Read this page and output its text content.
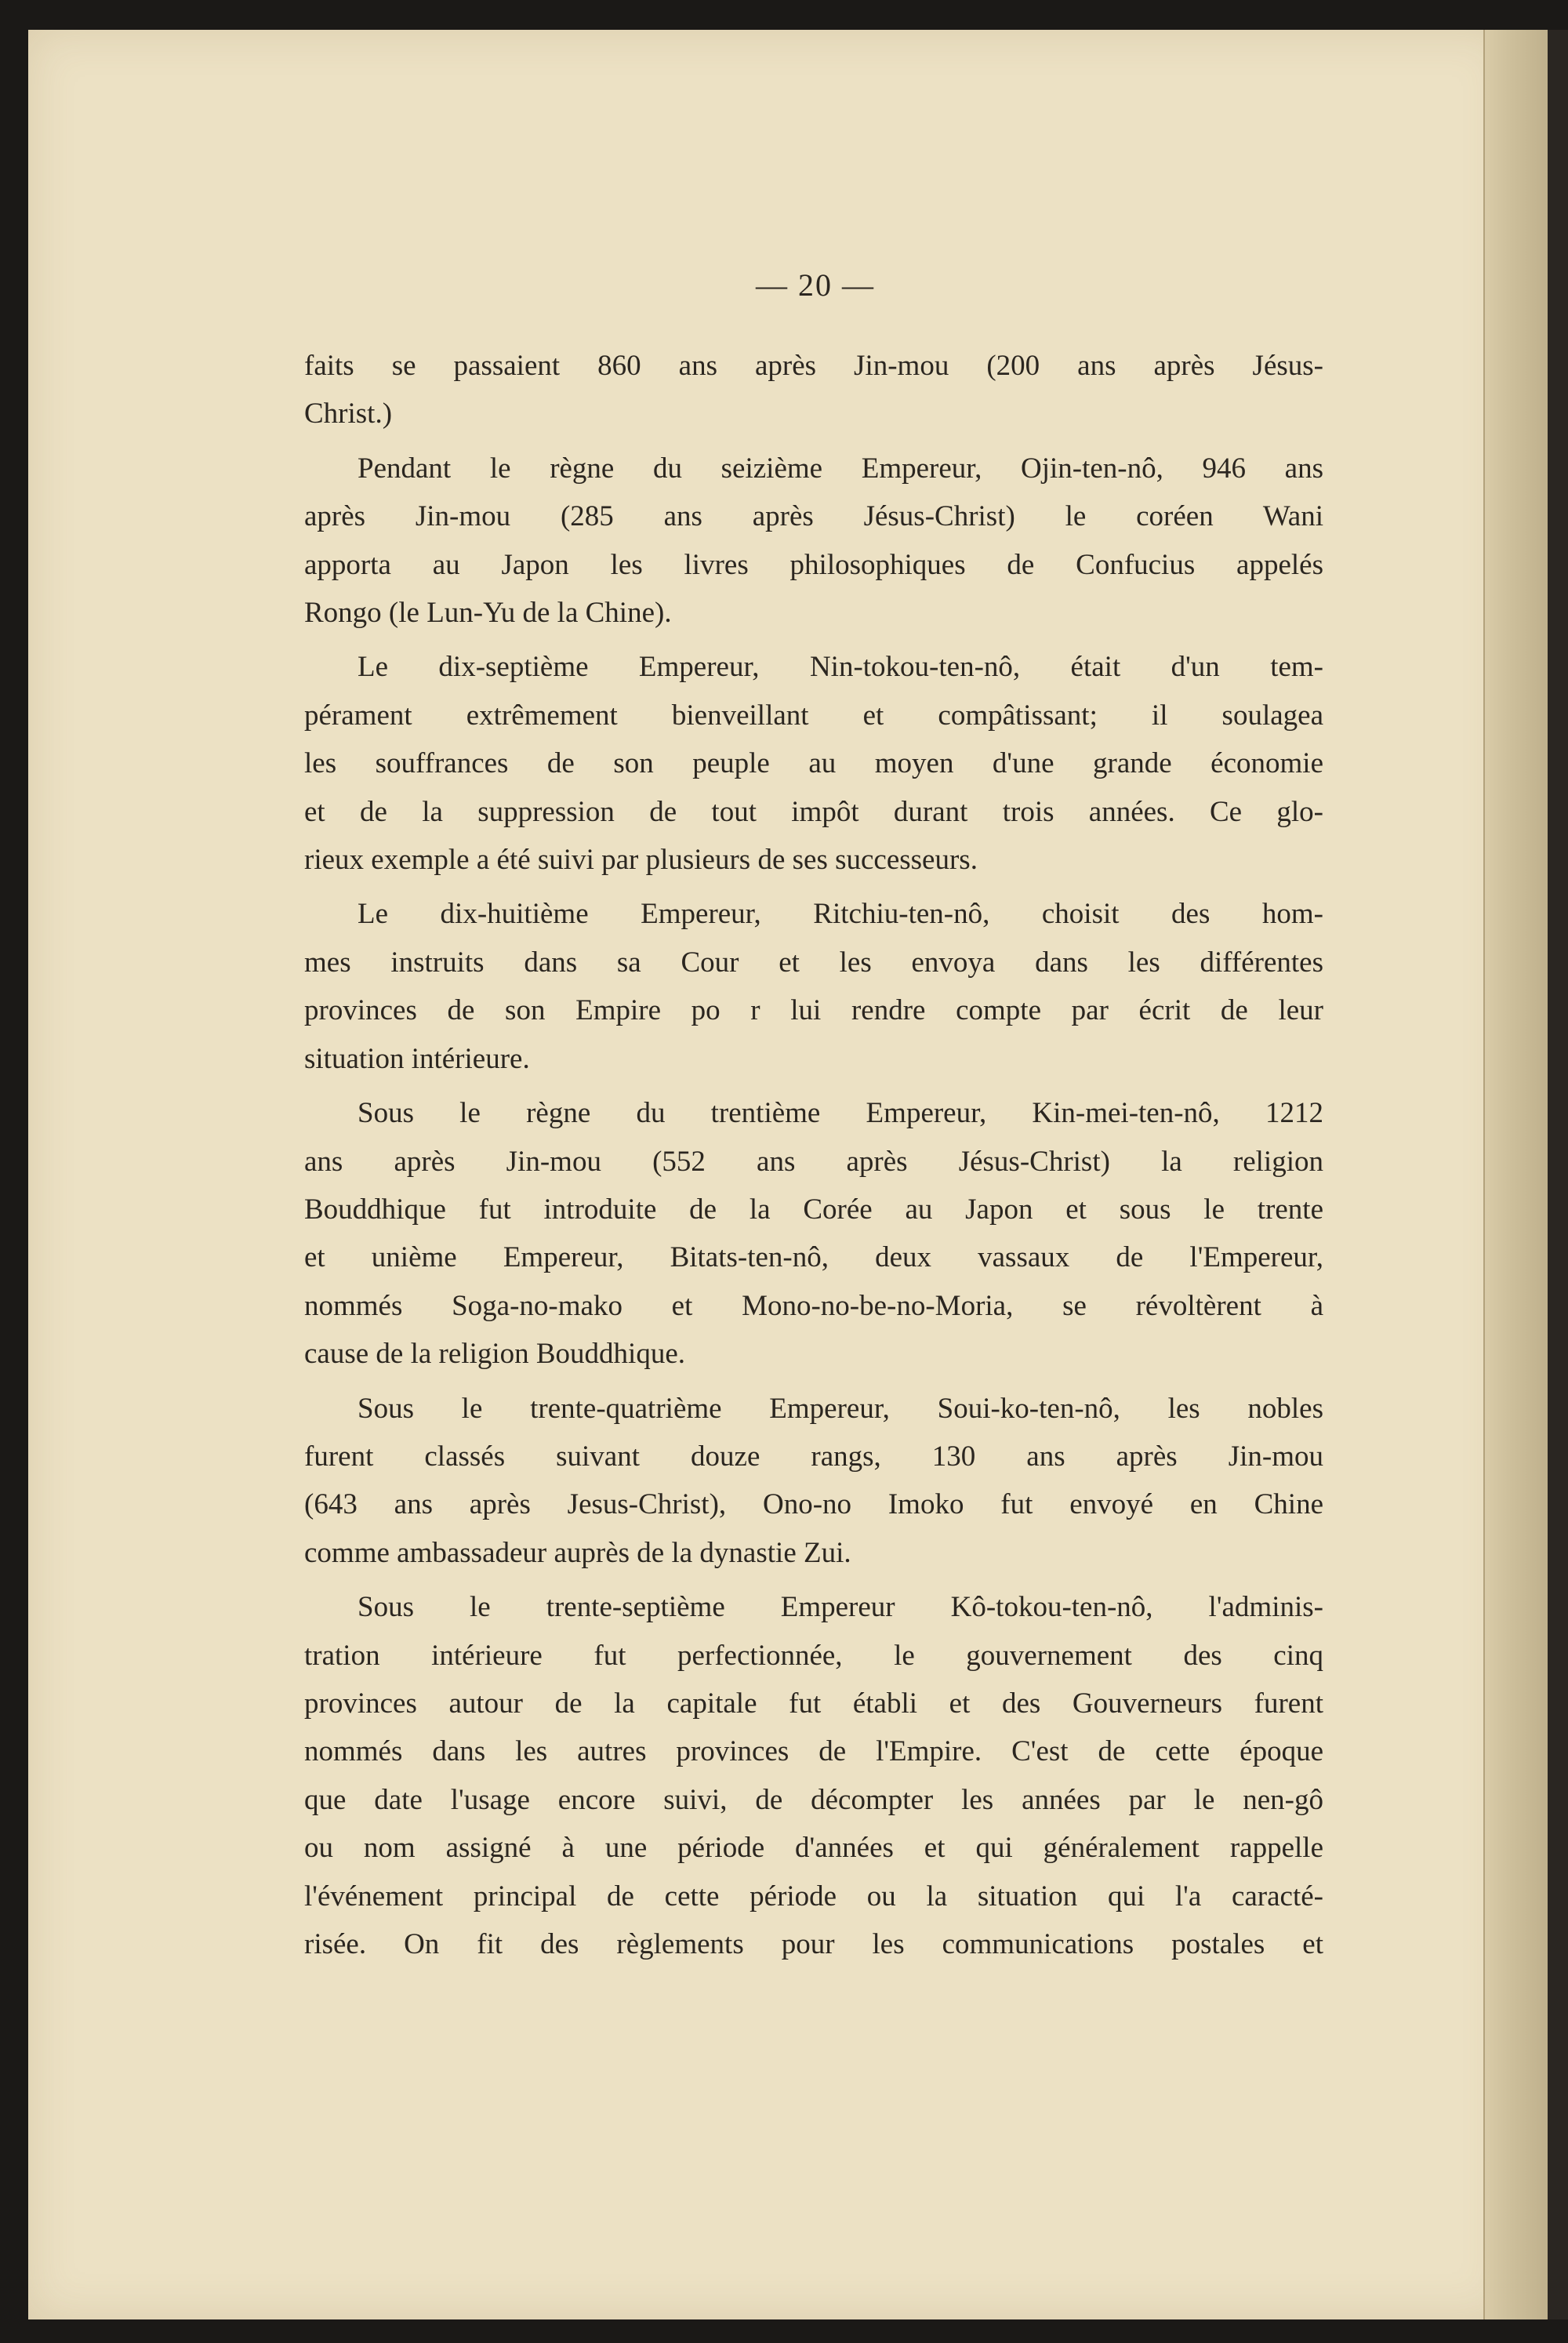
— 20 —

faits se passaient 860 ans après Jin-mou (200 ans après Jésus-
Christ.)

Pendant le règne du seizième Empereur, Ojin-ten-nô, 946 ans
après Jin-mou (285 ans après Jésus-Christ) le coréen Wani
apporta au Japon les livres philosophiques de Confucius appelés
Rongo (le Lun-Yu de la Chine).

Le dix-septième Empereur, Nin-tokou-ten-nô, était d'un tem-
pérament extrêmement bienveillant et compâtissant; il soulagea
les souffrances de son peuple au moyen d'une grande économie
et de la suppression de tout impôt durant trois années. Ce glo-
rieux exemple a été suivi par plusieurs de ses successeurs.

Le dix-huitième Empereur, Ritchiu-ten-nô, choisit des hom-
mes instruits dans sa Cour et les envoya dans les différentes
provinces de son Empire po r lui rendre compte par écrit de leur
situation intérieure.

Sous le règne du trentième Empereur, Kin-mei-ten-nô, 1212
ans après Jin-mou (552 ans après Jésus-Christ) la religion
Bouddhique fut introduite de la Corée au Japon et sous le trente
et unième Empereur, Bitats-ten-nô, deux vassaux de l'Empereur,
nommés Soga-no-mako et Mono-no-be-no-Moria, se révoltèrent à
cause de la religion Bouddhique.

Sous le trente-quatrième Empereur, Soui-ko-ten-nô, les nobles
furent classés suivant douze rangs, 130 ans après Jin-mou
(643 ans après Jesus-Christ), Ono-no Imoko fut envoyé en Chine
comme ambassadeur auprès de la dynastie Zui.

Sous le trente-septième Empereur Kô-tokou-ten-nô, l'adminis-
tration intérieure fut perfectionnée, le gouvernement des cinq
provinces autour de la capitale fut établi et des Gouverneurs furent
nommés dans les autres provinces de l'Empire. C'est de cette époque
que date l'usage encore suivi, de décompter les années par le nen-gô
ou nom assigné à une période d'années et qui généralement rappelle
l'événement principal de cette période ou la situation qui l'a caracté-
risée. On fit des règlements pour les communications postales et
